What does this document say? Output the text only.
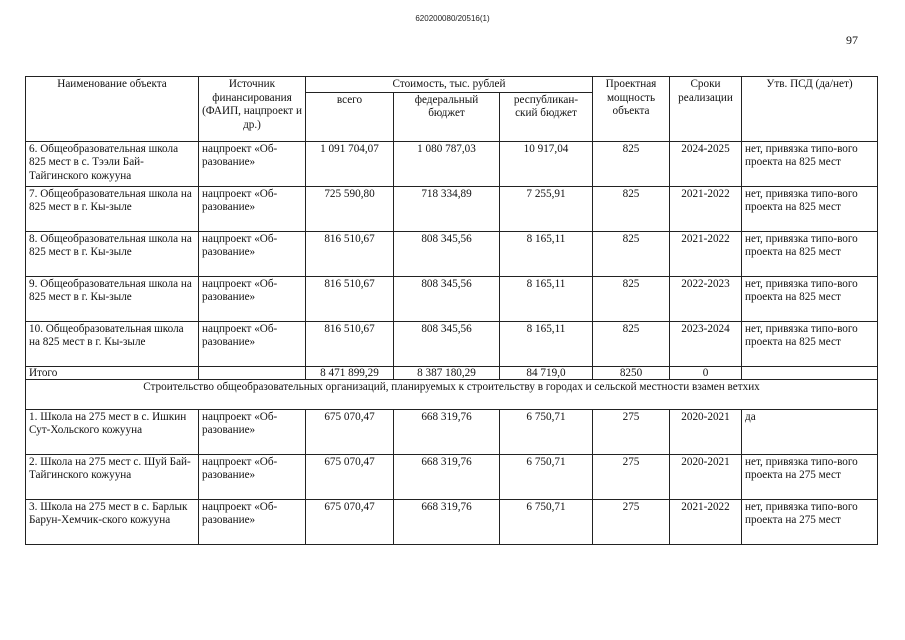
620200080/20516(1)
97
Наименование объекта	Источник финансирования (ФАИП, нацпроект и др.)	Стоимость, тыс. рублей			Проектная мощность объекта	Сроки реализации	Утв. ПСД (да/нет)
		всего	федеральный бюджет	республикан-ский бюджет			
6. Общеобразовательная школа 825 мест в с. Тээли Бай-Тайгинского кожууна	нацпроект «Об-разование»	1 091 704,07	1 080 787,03	10 917,04	825	2024-2025	нет, привязка типо-вого проекта на 825 мест
7. Общеобразовательная школа на 825 мест в г. Кы-зыле	нацпроект «Об-разование»	725 590,80	718 334,89	7 255,91	825	2021-2022	нет, привязка типо-вого проекта на 825 мест
8. Общеобразовательная школа на 825 мест в г. Кы-зыле	нацпроект «Об-разование»	816 510,67	808 345,56	8 165,11	825	2021-2022	нет, привязка типо-вого проекта на 825 мест
9. Общеобразовательная школа на 825 мест в г. Кы-зыле	нацпроект «Об-разование»	816 510,67	808 345,56	8 165,11	825	2022-2023	нет, привязка типо-вого проекта на 825 мест
10. Общеобразовательная школа на 825 мест в г. Кы-зыле	нацпроект «Об-разование»	816 510,67	808 345,56	8 165,11	825	2023-2024	нет, привязка типо-вого проекта на 825 мест
Итого		8 471 899,29	8 387 180,29	84 719,0	8250	0	
Строительство общеобразовательных организаций, планируемых к строительству в городах и сельской местности взамен ветхих							
1. Школа на 275 мест в с. Ишкин Сут-Хольского кожууна	нацпроект «Об-разование»	675 070,47	668 319,76	6 750,71	275	2020-2021	да
2. Школа на 275 мест с. Шуй Бай-Тайгинского кожууна	нацпроект «Об-разование»	675 070,47	668 319,76	6 750,71	275	2020-2021	нет, привязка типо-вого проекта на 275 мест
3. Школа на 275 мест в с. Барлык Барун-Хемчик-ского кожууна	нацпроект «Об-разование»	675 070,47	668 319,76	6 750,71	275	2021-2022	нет, привязка типо-вого проекта на 275 мест
